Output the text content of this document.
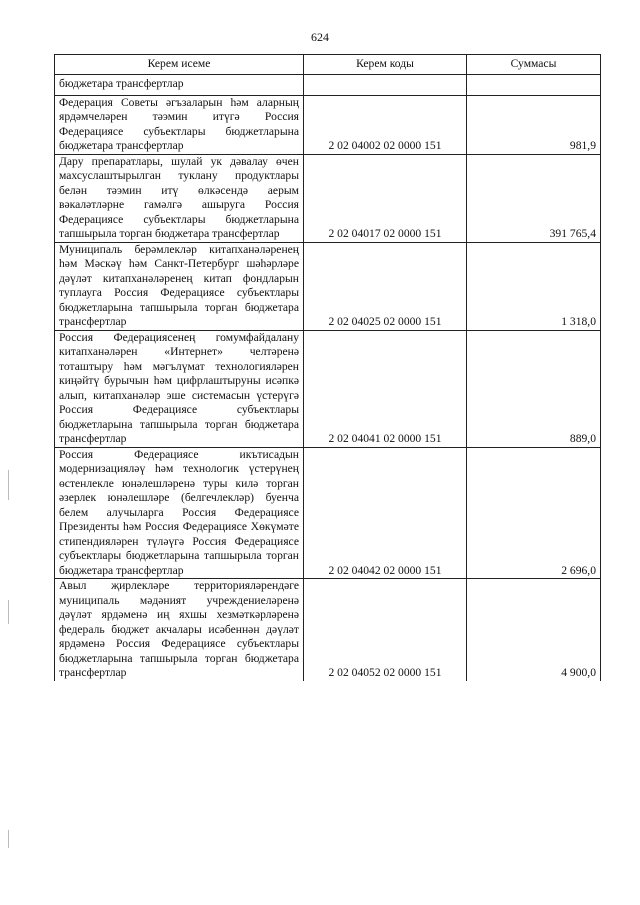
624
Керем исеме	Керем коды	Суммасы
бюджетара трансфертлар		
Федерация Советы әгъзаларын һәм аларның ярдәмчеләрен тәэмин итүгә Россия Федерациясе субъектлары бюджетларына бюджетара трансфертлар	2 02 04002 02 0000 151	981,9
Дару препаратлары, шулай ук дәвалау өчен махсуслаштырылган туклану продуктлары белән тәэмин итү өлкәсендә аерым вәкаләтләрне гамәлгә ашыруга Россия Федерациясе субъектлары бюджетларына тапшырыла торган бюджетара трансфертлар	2 02 04017 02 0000 151	391 765,4
Муниципаль берәмлекләр китапханәләренең һәм Мәскәү һәм Санкт-Петербург шәһәрләре дәүләт китапханәләренең китап фондларын туплауга Россия Федерациясе субъектлары бюджетларына тапшырыла торган бюджетара трансфертлар	2 02 04025 02 0000 151	1 318,0
Россия Федерациясенең гомумфайдалану китапханәләрен «Интернет» челтәренә тоташтыру һәм мәгълүмат технологияләрен киңәйтү бурычын һәм цифрлаштыруны исәпкә алып, китапханәләр эше системасын үстерүгә Россия Федерациясе субъектлары бюджетларына тапшырыла торган бюджетара трансфертлар	2 02 04041 02 0000 151	889,0
Россия Федерациясе икътисадын модернизацияләү һәм технологик үстерүнең өстенлекле юнәлешләренә туры килә торган әзерлек юнәлешләре (белгечлекләр) буенча белем алучыларга Россия Федерациясе Президенты һәм Россия Федерациясе Хөкүмәте стипендияләрен түләүгә Россия Федерациясе субъектлары бюджетларына тапшырыла торган бюджетара трансфертлар	2 02 04042 02 0000 151	2 696,0
Авыл җирлекләре территорияләрендәге муниципаль мәдәният учреждениеләренә дәүләт ярдәменә иң яхшы хезмәткәрләренә федераль бюджет акчалары исәбеннән дәүләт ярдәменә Россия Федерациясе субъектлары бюджетларына тапшырыла торган бюджетара трансфертлар	2 02 04052 02 0000 151	4 900,0
